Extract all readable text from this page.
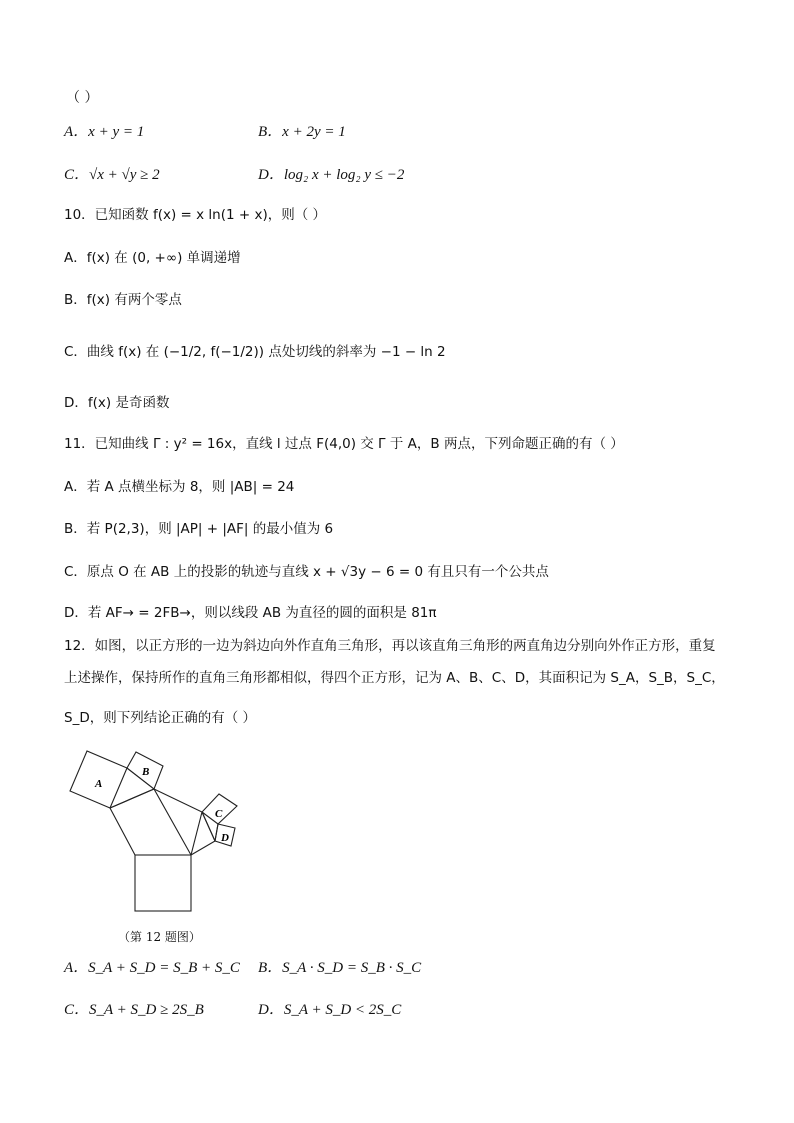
（ ）
A．x + y = 1	B．x + 2y = 1
C．√x + √y ≥ 2	D．log₂ x + log₂ y ≤ −2
10．已知函数 f(x) = x ln(1 + x)，则（ ）
A．f(x) 在 (0, +∞) 单调递增
B．f(x) 有两个零点
C．曲线 f(x) 在 (−1/2, f(−1/2)) 点处切线的斜率为 −1 − ln 2
D．f(x) 是奇函数
11．已知曲线 Γ : y² = 16x，直线 l 过点 F(4,0) 交 Γ 于 A，B 两点，下列命题正确的有（ ）
A．若 A 点横坐标为 8，则 |AB| = 24
B．若 P(2,3)，则 |AP| + |AF| 的最小值为 6
C．原点 O 在 AB 上的投影的轨迹与直线 x + √3y − 6 = 0 有且只有一个公共点
D．若 AF→ = 2FB→，则以线段 AB 为直径的圆的面积是 81π
12．如图，以正方形的一边为斜边向外作直角三角形，再以该直角三角形的两直角边分别向外作正方形，重复
上述操作，保持所作的直角三角形都相似，得四个正方形，记为 A、B、C、D，其面积记为 S_A，S_B，S_C，
S_D，则下列结论正确的有（ ）
A
B
C
D
（第 12 题图）
A．S_A + S_D = S_B + S_C B．S_A · S_D = S_B · S_C
C．S_A + S_D ≥ 2S_B	D．S_A + S_D < 2S_C
